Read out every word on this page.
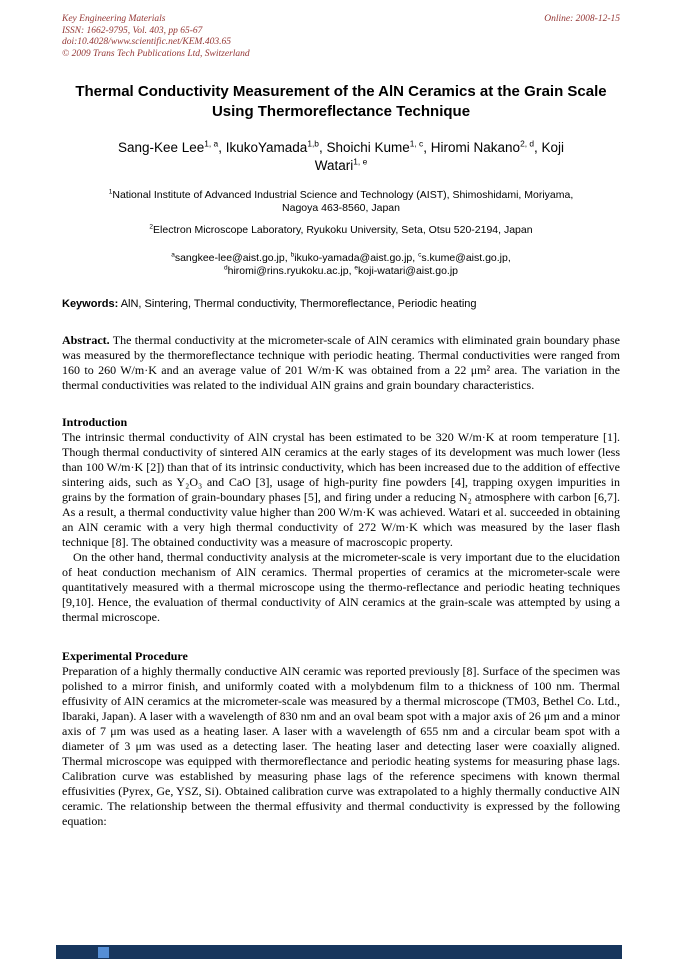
Key Engineering Materials	Online: 2008-12-15
ISSN: 1662-9795, Vol. 403, pp 65-67
doi:10.4028/www.scientific.net/KEM.403.65
© 2009 Trans Tech Publications Ltd, Switzerland
Thermal Conductivity Measurement of the AlN Ceramics at the Grain Scale Using Thermoreflectance Technique
Sang-Kee Lee$^{1, a}$, IkukoYamada$^{1,b}$, Shoichi Kume$^{1, c}$, Hiromi Nakano$^{2, d}$, Koji Watari$^{1, e}$
$^1$National Institute of Advanced Industrial Science and Technology (AIST), Shimoshidami, Moriyama, Nagoya 463-8560, Japan
$^2$Electron Microscope Laboratory, Ryukoku University, Seta, Otsu 520-2194, Japan
$^a$sangkee-lee@aist.go.jp, $^b$ikuko-yamada@aist.go.jp, $^c$s.kume@aist.go.jp, $^d$hiromi@rins.ryukoku.ac.jp, $^e$koji-watari@aist.go.jp
Keywords: AlN, Sintering, Thermal conductivity, Thermoreflectance, Periodic heating

Abstract. The thermal conductivity at the micrometer-scale of AlN ceramics with eliminated grain boundary phase was measured by the thermoreflectance technique with periodic heating. Thermal conductivities were ranged from 160 to 260 W/m·K and an average value of 201 W/m·K was obtained from a 22 μm² area. The variation in the thermal conductivities was related to the individual AlN grains and grain boundary characteristics.

Introduction

The intrinsic thermal conductivity of AlN crystal has been estimated to be 320 W/m·K at room temperature [1]. Though thermal conductivity of sintered AlN ceramics at the early stages of its development was much lower (less than 100 W/m·K [2]) than that of its intrinsic conductivity, which has been increased due to the addition of effective sintering aids, such as Y₂O₃ and CaO [3], usage of high-purity fine powders [4], trapping oxygen impurities in grains by the formation of grain-boundary phases [5], and firing under a reducing N₂ atmosphere with carbon [6,7]. As a result, a thermal conductivity value higher than 200 W/m·K was achieved. Watari et al. succeeded in obtaining an AlN ceramic with a very high thermal conductivity of 272 W/m·K which was measured by the laser flash technique [8]. The obtained conductivity was a measure of macroscopic property.

On the other hand, thermal conductivity analysis at the micrometer-scale is very important due to the elucidation of heat conduction mechanism of AlN ceramics. Thermal properties of ceramics at the micrometer-scale were quantitatively measured with a thermal microscope using the thermo-reflectance and periodic heating techniques [9,10]. Hence, the evaluation of thermal conductivity of AlN ceramics at the grain-scale was attempted by using a thermal microscope.

Experimental Procedure

Preparation of a highly thermally conductive AlN ceramic was reported previously [8]. Surface of the specimen was polished to a mirror finish, and uniformly coated with a molybdenum film to a thickness of 100 nm. Thermal effusivity of AlN ceramics at the micrometer-scale was measured by a thermal microscope (TM03, Bethel Co. Ltd., Ibaraki, Japan). A laser with a wavelength of 830 nm and an oval beam spot with a major axis of 26 μm and a minor axis of 7 μm was used as a heating laser. A laser with a wavelength of 655 nm and a circular beam spot with a diameter of 3 μm was used as a detecting laser. The heating laser and detecting laser were coaxially aligned. Thermal microscope was equipped with thermoreflectance and periodic heating systems for measuring phase lags. Calibration curve was established by measuring phase lags of the reference specimens with known thermal effusivities (Pyrex, Ge, YSZ, Si). Obtained calibration curve was extrapolated to a highly thermally conductive AlN ceramic. The relationship between the thermal effusivity and thermal conductivity is expressed by the following equation:
